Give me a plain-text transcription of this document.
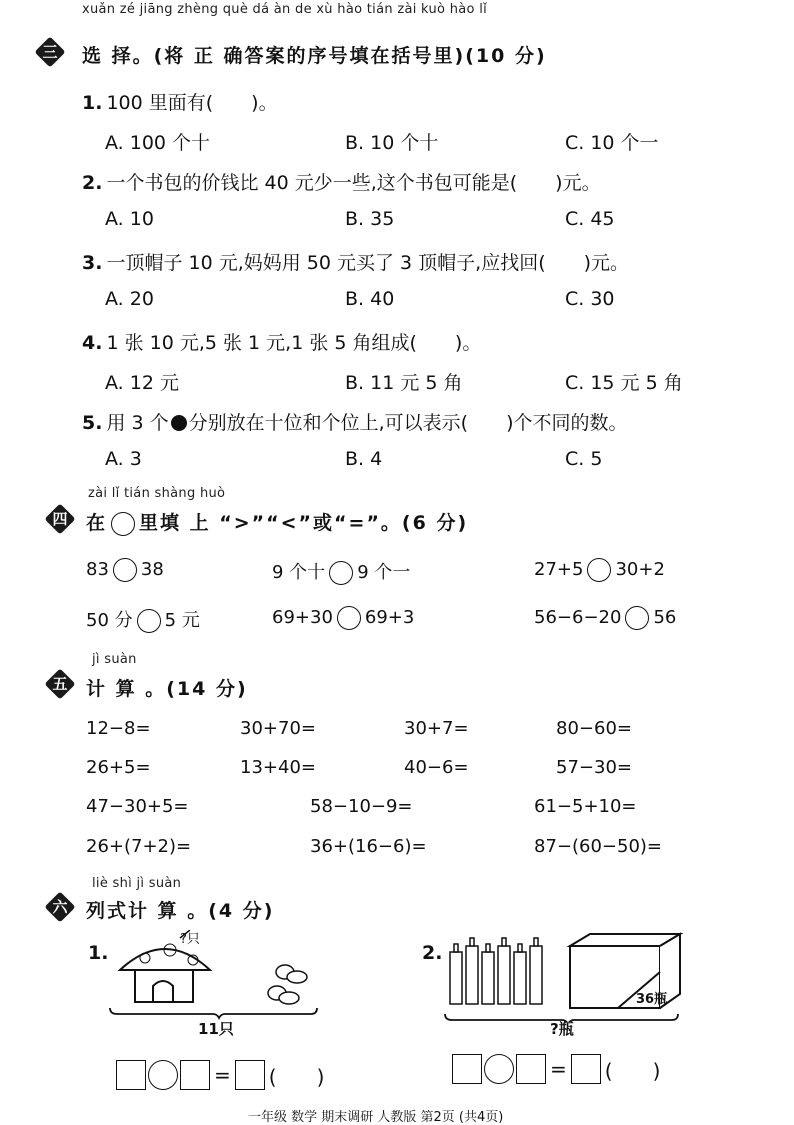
xuǎn zé jiāng zhèng què dá àn de xù hào tián zài kuò hào lǐ
三	选 择。(将 正 确答案的序号填在括号里)(10 分)
1. 100 里面有(　　)。
A. 100 个十	B. 10 个十	C. 10 个一
2. 一个书包的价钱比 40 元少一些,这个书包可能是(　　)元。
A. 10	B. 35	C. 45
3. 一顶帽子 10 元,妈妈用 50 元买了 3 顶帽子,应找回(　　)元。
A. 20	B. 40	C. 30
4. 1 张 10 元,5 张 1 元,1 张 5 角组成(　　)。
A. 12 元	B. 11 元 5 角	C. 15 元 5 角
5. 用 3 个 分别放在十位和个位上,可以表示(　　)个不同的数。
A. 3	B. 4	C. 5
zài lǐ tián shàng huò
四 在 里填 上 “>”“<”或“=”。(6 分)
83 38	9 个十 9 个一	27+5 30+2
50 分 5 元	69+30 69+3	56−6−20 56
jì suàn
五 计 算 。(14 分)
12−8=	30+70=	30+7=	80−60=
26+5=	13+40=	40−6=	57−30=
47−30+5=	58−10−9=	61−5+10=
26+(7+2)=	36+(16−6)=	87−(60−50)=
liè shì jì suàn
六 列式计 算 。(4 分)
1.
?只
11只
= (　　)
2.
36瓶
?瓶
= (　　)
一年级 数学 期末调研 人教版 第2页 (共4页)
